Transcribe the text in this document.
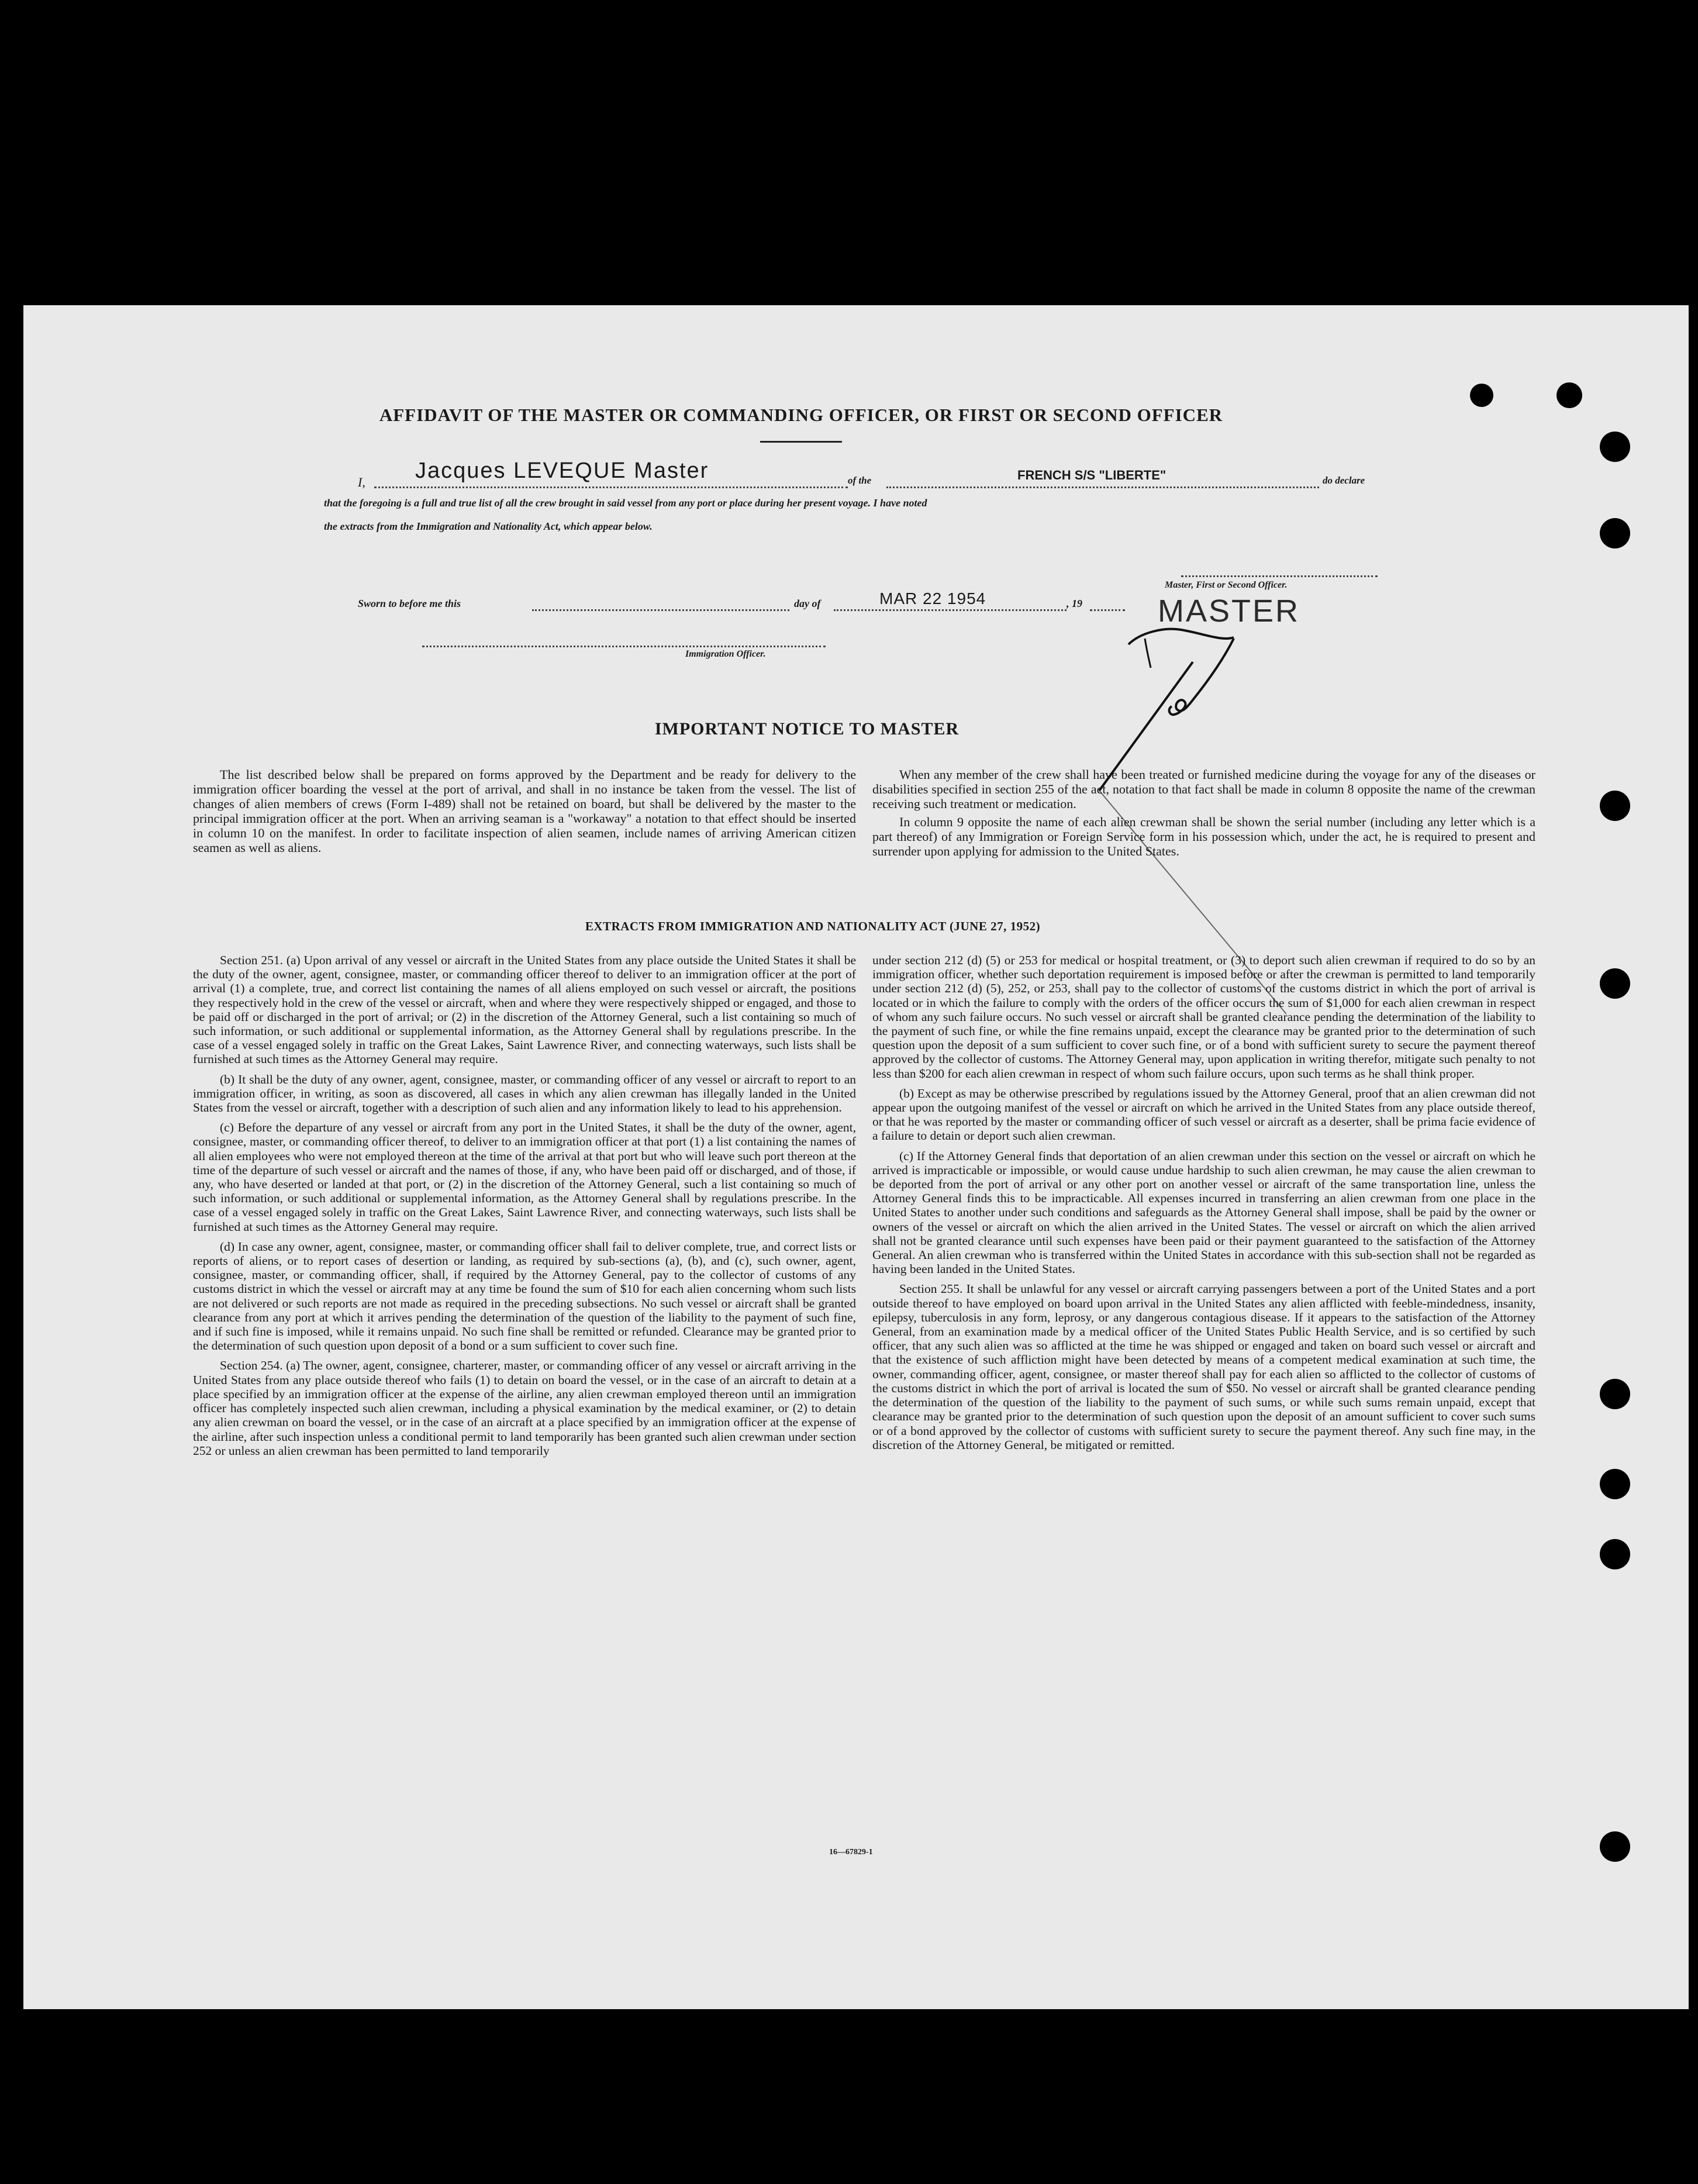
AFFIDAVIT OF THE MASTER OR COMMANDING OFFICER, OR FIRST OR SECOND OFFICER
I, Jacques LEVEQUE Master	of the	FRENCH S/S "LIBERTE"	do declare
that the foregoing is a full and true list of all the crew brought in said vessel from any port or place during her present voyage. I have noted
the extracts from the Immigration and Nationality Act, which appear below.
Master, First or Second Officer.
MASTER
Sworn to before me this	day of	MAR 22 1954	, 19
Immigration Officer.
IMPORTANT NOTICE TO MASTER

The list described below shall be prepared on forms approved by the Department and be ready for delivery to the immigration officer boarding the vessel at the port of arrival, and shall in no instance be taken from the vessel. The list of changes of alien members of crews (Form I-489) shall not be retained on board, but shall be delivered by the master to the principal immigration officer at the port. When an arriving seaman is a "workaway" a notation to that effect should be inserted in column 10 on the manifest. In order to facilitate inspection of alien seamen, include names of arriving American citizen seamen as well as aliens.

When any member of the crew shall have been treated or furnished medicine during the voyage for any of the diseases or disabilities specified in section 255 of the act, notation to that fact shall be made in column 8 opposite the name of the crewman receiving such treatment or medication.

In column 9 opposite the name of each alien crewman shall be shown the serial number (including any letter which is a part thereof) of any Immigration or Foreign Service form in his possession which, under the act, he is required to present and surrender upon applying for admission to the United States.

EXTRACTS FROM IMMIGRATION AND NATIONALITY ACT (JUNE 27, 1952)

Section 251. (a) Upon arrival of any vessel or aircraft in the United States from any place outside the United States it shall be the duty of the owner, agent, consignee, master, or commanding officer thereof to deliver to an immigration officer at the port of arrival (1) a complete, true, and correct list containing the names of all aliens employed on such vessel or aircraft, the positions they respectively hold in the crew of the vessel or aircraft, when and where they were respectively shipped or engaged, and those to be paid off or discharged in the port of arrival; or (2) in the discretion of the Attorney General, such a list containing so much of such information, or such additional or supplemental information, as the Attorney General shall by regulations prescribe. In the case of a vessel engaged solely in traffic on the Great Lakes, Saint Lawrence River, and connecting waterways, such lists shall be furnished at such times as the Attorney General may require.

(b) It shall be the duty of any owner, agent, consignee, master, or commanding officer of any vessel or aircraft to report to an immigration officer, in writing, as soon as discovered, all cases in which any alien crewman has illegally landed in the United States from the vessel or aircraft, together with a description of such alien and any information likely to lead to his apprehension.

(c) Before the departure of any vessel or aircraft from any port in the United States, it shall be the duty of the owner, agent, consignee, master, or commanding officer thereof, to deliver to an immigration officer at that port (1) a list containing the names of all alien employees who were not employed thereon at the time of the arrival at that port but who will leave such port thereon at the time of the departure of such vessel or aircraft and the names of those, if any, who have been paid off or discharged, and of those, if any, who have deserted or landed at that port, or (2) in the discretion of the Attorney General, such a list containing so much of such information, or such additional or supplemental information, as the Attorney General shall by regulations prescribe. In the case of a vessel engaged solely in traffic on the Great Lakes, Saint Lawrence River, and connecting waterways, such lists shall be furnished at such times as the Attorney General may require.

(d) In case any owner, agent, consignee, master, or commanding officer shall fail to deliver complete, true, and correct lists or reports of aliens, or to report cases of desertion or landing, as required by sub-sections (a), (b), and (c), such owner, agent, consignee, master, or commanding officer, shall, if required by the Attorney General, pay to the collector of customs of any customs district in which the vessel or aircraft may at any time be found the sum of $10 for each alien concerning whom such lists are not delivered or such reports are not made as required in the preceding subsections. No such vessel or aircraft shall be granted clearance from any port at which it arrives pending the determination of the question of the liability to the payment of such fine, and if such fine is imposed, while it remains unpaid. No such fine shall be remitted or refunded. Clearance may be granted prior to the determination of such question upon deposit of a bond or a sum sufficient to cover such fine.

Section 254. (a) The owner, agent, consignee, charterer, master, or commanding officer of any vessel or aircraft arriving in the United States from any place outside thereof who fails (1) to detain on board the vessel, or in the case of an aircraft to detain at a place specified by an immigration officer at the expense of the airline, any alien crewman employed thereon until an immigration officer has completely inspected such alien crewman, including a physical examination by the medical examiner, or (2) to detain any alien crewman on board the vessel, or in the case of an aircraft at a place specified by an immigration officer at the expense of the airline, after such inspection unless a conditional permit to land temporarily has been granted such alien crewman under section 252 or unless an alien crewman has been permitted to land temporarily

under section 212 (d) (5) or 253 for medical or hospital treatment, or (3) to deport such alien crewman if required to do so by an immigration officer, whether such deportation requirement is imposed before or after the crewman is permitted to land temporarily under section 212 (d) (5), 252, or 253, shall pay to the collector of customs of the customs district in which the port of arrival is located or in which the failure to comply with the orders of the officer occurs the sum of $1,000 for each alien crewman in respect of whom any such failure occurs. No such vessel or aircraft shall be granted clearance pending the determination of the liability to the payment of such fine, or while the fine remains unpaid, except the clearance may be granted prior to the determination of such question upon the deposit of a sum sufficient to cover such fine, or of a bond with sufficient surety to secure the payment thereof approved by the collector of customs. The Attorney General may, upon application in writing therefor, mitigate such penalty to not less than $200 for each alien crewman in respect of whom such failure occurs, upon such terms as he shall think proper.

(b) Except as may be otherwise prescribed by regulations issued by the Attorney General, proof that an alien crewman did not appear upon the outgoing manifest of the vessel or aircraft on which he arrived in the United States from any place outside thereof, or that he was reported by the master or commanding officer of such vessel or aircraft as a deserter, shall be prima facie evidence of a failure to detain or deport such alien crewman.

(c) If the Attorney General finds that deportation of an alien crewman under this section on the vessel or aircraft on which he arrived is impracticable or impossible, or would cause undue hardship to such alien crewman, he may cause the alien crewman to be deported from the port of arrival or any other port on another vessel or aircraft of the same transportation line, unless the Attorney General finds this to be impracticable. All expenses incurred in transferring an alien crewman from one place in the United States to another under such conditions and safeguards as the Attorney General shall impose, shall be paid by the owner or owners of the vessel or aircraft on which the alien arrived in the United States. The vessel or aircraft on which the alien arrived shall not be granted clearance until such expenses have been paid or their payment guaranteed to the satisfaction of the Attorney General. An alien crewman who is transferred within the United States in accordance with this sub-section shall not be regarded as having been landed in the United States.

Section 255. It shall be unlawful for any vessel or aircraft carrying passengers between a port of the United States and a port outside thereof to have employed on board upon arrival in the United States any alien afflicted with feeble-mindedness, insanity, epilepsy, tuberculosis in any form, leprosy, or any dangerous contagious disease. If it appears to the satisfaction of the Attorney General, from an examination made by a medical officer of the United States Public Health Service, and is so certified by such officer, that any such alien was so afflicted at the time he was shipped or engaged and taken on board such vessel or aircraft and that the existence of such affliction might have been detected by means of a competent medical examination at such time, the owner, commanding officer, agent, consignee, or master thereof shall pay for each alien so afflicted to the collector of customs of the customs district in which the port of arrival is located the sum of $50. No vessel or aircraft shall be granted clearance pending the determination of the question of the liability to the payment of such sums, or while such sums remain unpaid, except that clearance may be granted prior to the determination of such question upon the deposit of an amount sufficient to cover such sums or of a bond approved by the collector of customs with sufficient surety to secure the payment thereof. Any such fine may, in the discretion of the Attorney General, be mitigated or remitted.

16—67829-1
